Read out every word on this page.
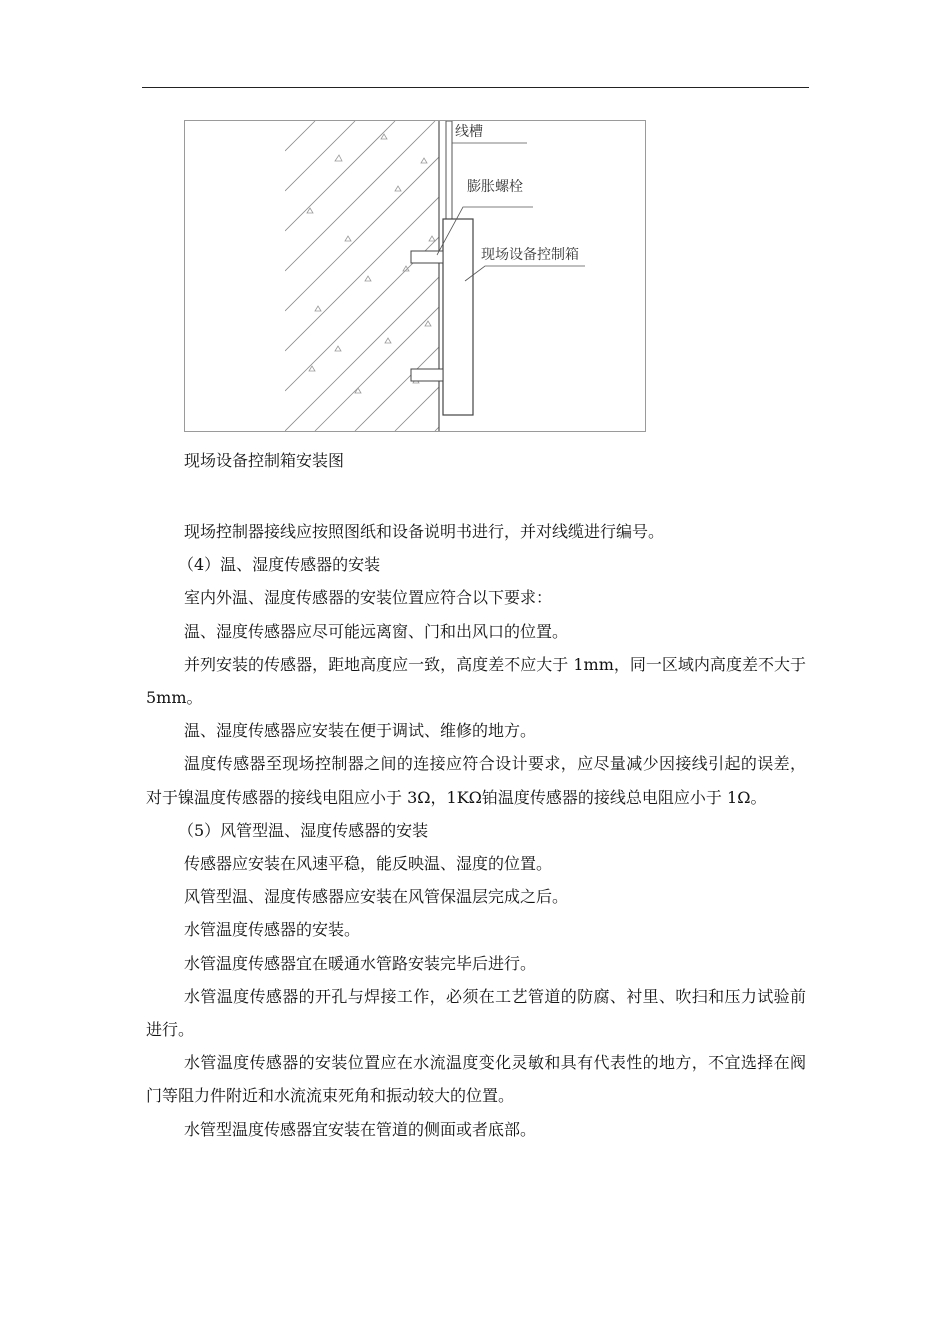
线槽
膨胀螺栓
现场设备控制箱
现场设备控制箱安装图

现场控制器接线应按照图纸和设备说明书进行，并对线缆进行编号。

（4）温、湿度传感器的安装

室内外温、湿度传感器的安装位置应符合以下要求：

温、湿度传感器应尽可能远离窗、门和出风口的位置。

并列安装的传感器，距地高度应一致，高度差不应大于 1mm，同一区域内高度差不大于 5mm。

温、湿度传感器应安装在便于调试、维修的地方。

温度传感器至现场控制器之间的连接应符合设计要求，应尽量减少因接线引起的误差，对于镍温度传感器的接线电阻应小于 3Ω，1KΩ铂温度传感器的接线总电阻应小于 1Ω。

（5）风管型温、湿度传感器的安装

传感器应安装在风速平稳，能反映温、湿度的位置。

风管型温、湿度传感器应安装在风管保温层完成之后。

水管温度传感器的安装。

水管温度传感器宜在暖通水管路安装完毕后进行。

水管温度传感器的开孔与焊接工作，必须在工艺管道的防腐、衬里、吹扫和压力试验前进行。

水管温度传感器的安装位置应在水流温度变化灵敏和具有代表性的地方，不宜选择在阀门等阻力件附近和水流流束死角和振动较大的位置。

水管型温度传感器宜安装在管道的侧面或者底部。
